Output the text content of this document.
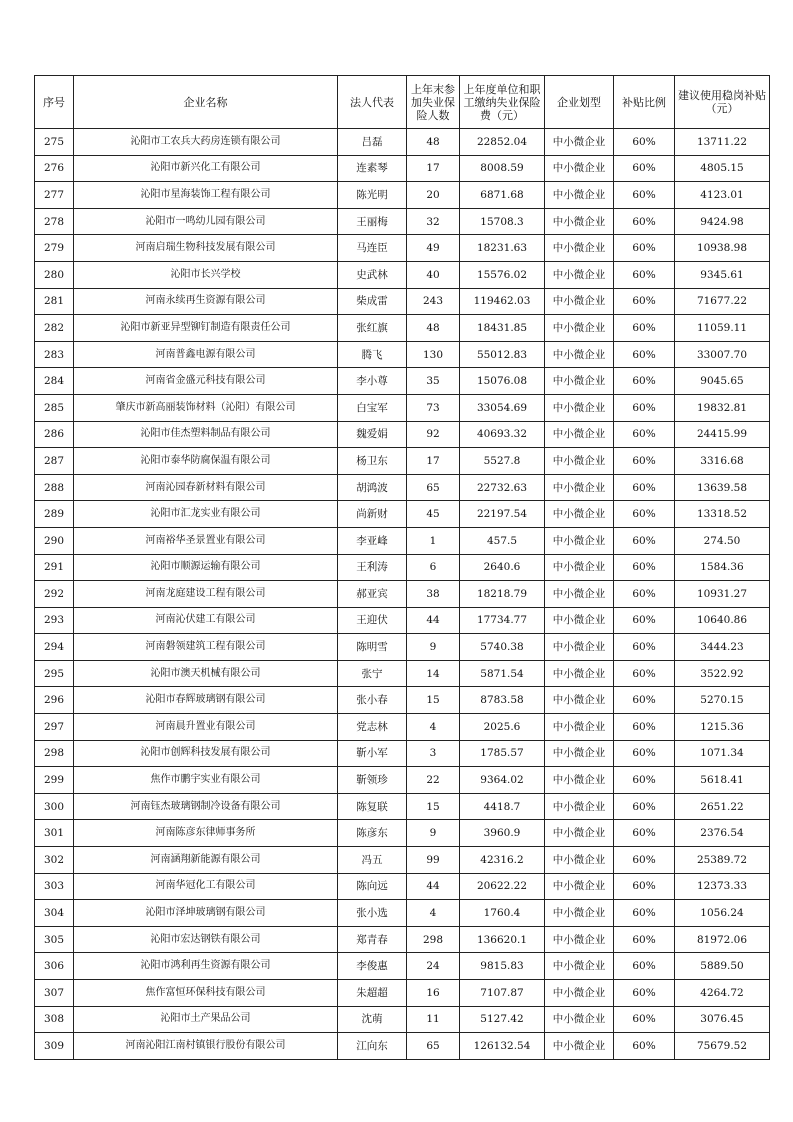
序号	企业名称	法人代表	上年末参加失业保险人数	上年度单位和职工缴纳失业保险费（元）	企业划型	补贴比例	建议使用稳岗补贴（元）
275	沁阳市工农兵大药房连锁有限公司	吕磊	48	22852.04	中小微企业	60%	13711.22
276	沁阳市新兴化工有限公司	连素琴	17	8008.59	中小微企业	60%	4805.15
277	沁阳市星海装饰工程有限公司	陈光明	20	6871.68	中小微企业	60%	4123.01
278	沁阳市一鸣幼儿园有限公司	王丽梅	32	15708.3	中小微企业	60%	9424.98
279	河南启瑞生物科技发展有限公司	马连臣	49	18231.63	中小微企业	60%	10938.98
280	沁阳市长兴学校	史武林	40	15576.02	中小微企业	60%	9345.61
281	河南永续再生资源有限公司	柴成雷	243	119462.03	中小微企业	60%	71677.22
282	沁阳市新亚异型铆钉制造有限责任公司	张红旗	48	18431.85	中小微企业	60%	11059.11
283	河南普鑫电源有限公司	腾飞	130	55012.83	中小微企业	60%	33007.70
284	河南省金盛元科技有限公司	李小尊	35	15076.08	中小微企业	60%	9045.65
285	肇庆市新高丽装饰材料（沁阳）有限公司	白宝军	73	33054.69	中小微企业	60%	19832.81
286	沁阳市佳杰塑料制品有限公司	魏爱娟	92	40693.32	中小微企业	60%	24415.99
287	沁阳市泰华防腐保温有限公司	杨卫东	17	5527.8	中小微企业	60%	3316.68
288	河南沁园春新材料有限公司	胡鸿波	65	22732.63	中小微企业	60%	13639.58
289	沁阳市汇龙实业有限公司	尚新财	45	22197.54	中小微企业	60%	13318.52
290	河南裕华圣景置业有限公司	李亚峰	1	457.5	中小微企业	60%	274.50
291	沁阳市顺源运输有限公司	王利涛	6	2640.6	中小微企业	60%	1584.36
292	河南龙庭建设工程有限公司	郝亚宾	38	18218.79	中小微企业	60%	10931.27
293	河南沁伏建工有限公司	王迎伏	44	17734.77	中小微企业	60%	10640.86
294	河南磐领建筑工程有限公司	陈明雪	9	5740.38	中小微企业	60%	3444.23
295	沁阳市澳天机械有限公司	张宁	14	5871.54	中小微企业	60%	3522.92
296	沁阳市春辉玻璃钢有限公司	张小春	15	8783.58	中小微企业	60%	5270.15
297	河南晨升置业有限公司	党志林	4	2025.6	中小微企业	60%	1215.36
298	沁阳市创辉科技发展有限公司	靳小军	3	1785.57	中小微企业	60%	1071.34
299	焦作市鹏宇实业有限公司	靳领珍	22	9364.02	中小微企业	60%	5618.41
300	河南钰杰玻璃钢制冷设备有限公司	陈复联	15	4418.7	中小微企业	60%	2651.22
301	河南陈彦东律师事务所	陈彦东	9	3960.9	中小微企业	60%	2376.54
302	河南涵翔新能源有限公司	冯五	99	42316.2	中小微企业	60%	25389.72
303	河南华冠化工有限公司	陈向远	44	20622.22	中小微企业	60%	12373.33
304	沁阳市泽坤玻璃钢有限公司	张小选	4	1760.4	中小微企业	60%	1056.24
305	沁阳市宏达钢铁有限公司	郑青春	298	136620.1	中小微企业	60%	81972.06
306	沁阳市鸿利再生资源有限公司	李俊惠	24	9815.83	中小微企业	60%	5889.50
307	焦作富恒环保科技有限公司	朱超超	16	7107.87	中小微企业	60%	4264.72
308	沁阳市土产果品公司	沈萌	11	5127.42	中小微企业	60%	3076.45
309	河南沁阳江南村镇银行股份有限公司	江向东	65	126132.54	中小微企业	60%	75679.52
